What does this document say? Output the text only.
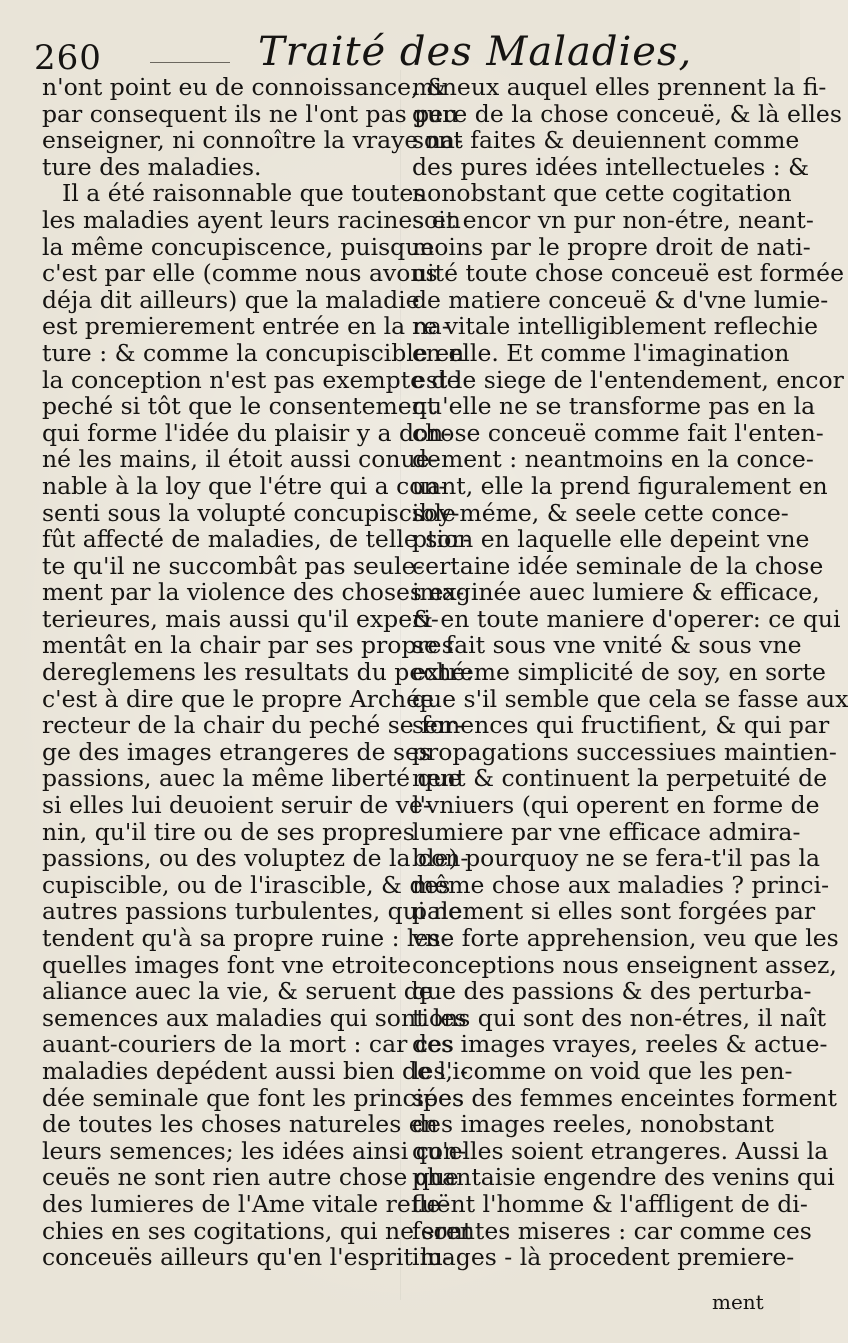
260	Traité des Maladies,
n'ont point eu de connoissance, &
par consequent ils ne l'ont pas peu
enseigner, ni connoître la vraye na-
ture des maladies.
Il a été raisonnable que toutes
les maladies ayent leurs racines en
la même concupiscence, puisque
c'est par elle (comme nous avons
déja dit ailleurs) que la maladie
est premierement entrée en la na-
ture : & comme la concupiscible en
la conception n'est pas exempte de
peché si tôt que le consentement
qui forme l'idée du plaisir y a don-
né les mains, il étoit aussi conue-
nable à la loy que l'étre qui a con-
senti sous la volupté concupiscible
fût affecté de maladies, de telle sor-
te qu'il ne succombât pas seule-
ment par la violence des choses ex-
terieures, mais aussi qu'il experi-
mentât en la chair par ses propres
dereglemens les resultats du peché:
c'est à dire que le propre Archée
recteur de la chair du peché se for-
ge des images etrangeres de ses
passions, auec la même liberté que
si elles lui deuoient seruir de ve-
nin, qu'il tire ou de ses propres
passions, ou des voluptez de la con-
cupiscible, ou de l'irascible, & des
autres passions turbulentes, qui ne
tendent qu'à sa propre ruine : les-
quelles images font vne etroite
aliance auec la vie, & seruent de
semences aux maladies qui sont les
auant-couriers de la mort : car ces
maladies depédent aussi bien de l'i-
dée seminale que font les principes
de toutes les choses natureles en
leurs semences; les idées ainsi con-
ceuës ne sont rien autre chose que
des lumieres de l'Ame vitale refle-
chies en ses cogitations, qui ne sont
conceuës ailleurs qu'en l'esprit lu-
mineux auquel elles prennent la fi-
gure de la chose conceuë, & là elles
sont faites & deuiennent comme
des pures idées intellectueles : &
nonobstant que cette cogitation
soit encor vn pur non-étre, neant-
moins par le propre droit de nati-
uité toute chose conceuë est formée
de matiere conceuë & d'vne lumie-
re vitale intelligiblement reflechie
en elle. Et comme l'imagination
est le siege de l'entendement, encor
qu'elle ne se transforme pas en la
chose conceuë comme fait l'enten-
dement : neantmoins en la conce-
uant, elle la prend figuralement en
soy-méme, & seele cette conce-
ption en laquelle elle depeint vne
certaine idée seminale de la chose
imaginée auec lumiere & efficace,
& en toute maniere d'operer: ce qui
se fait sous vne vnité & sous vne
extreme simplicité de soy, en sorte
que s'il semble que cela se fasse aux
semences qui fructifient, & qui par
propagations successiues maintien-
nent & continuent la perpetuité de
l'vniuers (qui operent en forme de
lumiere par vne efficace admira-
ble) pourquoy ne se fera-t'il pas la
même chose aux maladies ? princi-
palement si elles sont forgées par
vne forte apprehension, veu que les
conceptions nous enseignent assez,
que des passions & des perturba-
tions qui sont des non-étres, il naît
des images vrayes, reeles & actue-
les, comme on void que les pen-
sées des femmes enceintes forment
des images reeles, nonobstant
qu'elles soient etrangeres. Aussi la
phantaisie engendre des venins qui
tuënt l'homme & l'affligent de di-
ferentes miseres : car comme ces
images - là procedent premiere-
ment
